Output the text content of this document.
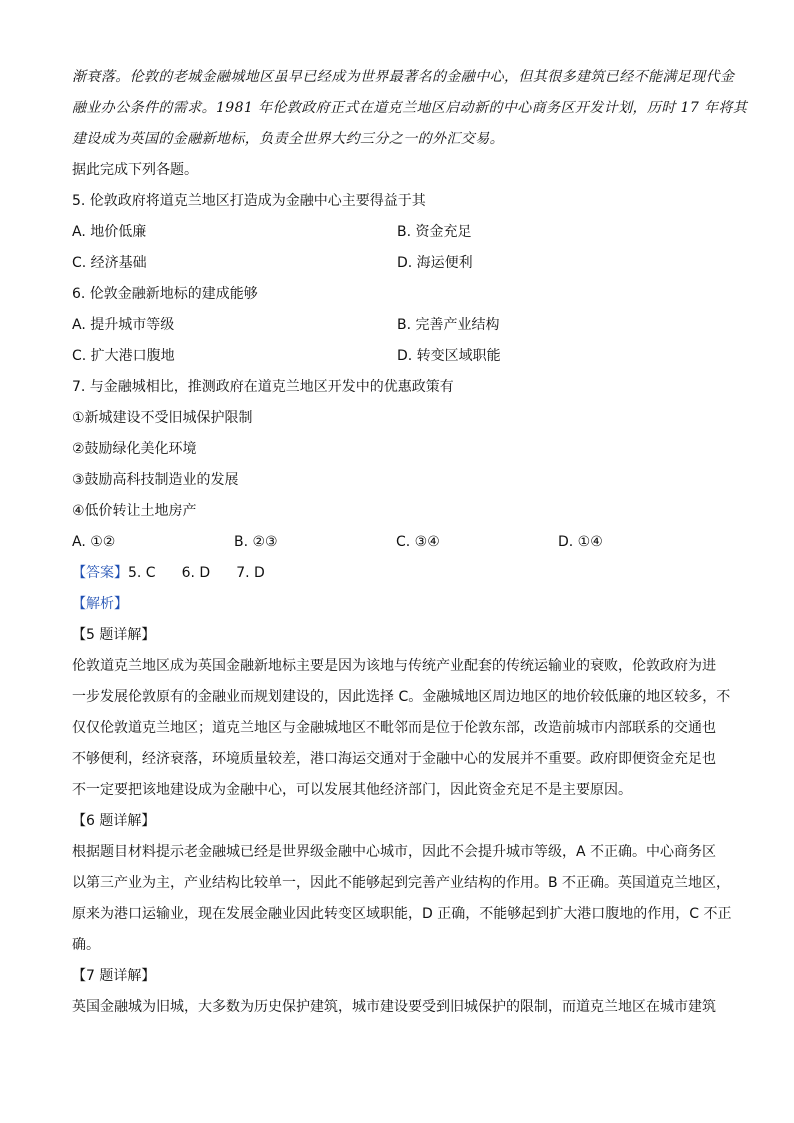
渐衰落。伦敦的老城金融城地区虽早已经成为世界最著名的金融中心，但其很多建筑已经不能满足现代金
融业办公条件的需求。1981 年伦敦政府正式在道克兰地区启动新的中心商务区开发计划，历时 17 年将其
建设成为英国的金融新地标，负责全世界大约三分之一的外汇交易。
据此完成下列各题。
5. 伦敦政府将道克兰地区打造成为金融中心主要得益于其
A. 地价低廉	B. 资金充足
C. 经济基础	D. 海运便利
6. 伦敦金融新地标的建成能够
A. 提升城市等级	B. 完善产业结构
C. 扩大港口腹地	D. 转变区域职能
7. 与金融城相比，推测政府在道克兰地区开发中的优惠政策有
①新城建设不受旧城保护限制
②鼓励绿化美化环境
③鼓励高科技制造业的发展
④低价转让土地房产
A. ①②	B. ②③	C. ③④	D. ①④
【答案】5. C 6. D 7. D
【解析】
【5 题详解】
伦敦道克兰地区成为英国金融新地标主要是因为该地与传统产业配套的传统运输业的衰败，伦敦政府为进
一步发展伦敦原有的金融业而规划建设的，因此选择 C。金融城地区周边地区的地价较低廉的地区较多，不
仅仅伦敦道克兰地区；道克兰地区与金融城地区不毗邻而是位于伦敦东部，改造前城市内部联系的交通也
不够便利，经济衰落，环境质量较差，港口海运交通对于金融中心的发展并不重要。政府即便资金充足也
不一定要把该地建设成为金融中心，可以发展其他经济部门，因此资金充足不是主要原因。
【6 题详解】
根据题目材料提示老金融城已经是世界级金融中心城市，因此不会提升城市等级，A 不正确。中心商务区
以第三产业为主，产业结构比较单一，因此不能够起到完善产业结构的作用。B 不正确。英国道克兰地区，
原来为港口运输业，现在发展金融业因此转变区域职能，D 正确，不能够起到扩大港口腹地的作用，C 不正
确。
【7 题详解】
英国金融城为旧城，大多数为历史保护建筑，城市建设要受到旧城保护的限制，而道克兰地区在城市建筑
